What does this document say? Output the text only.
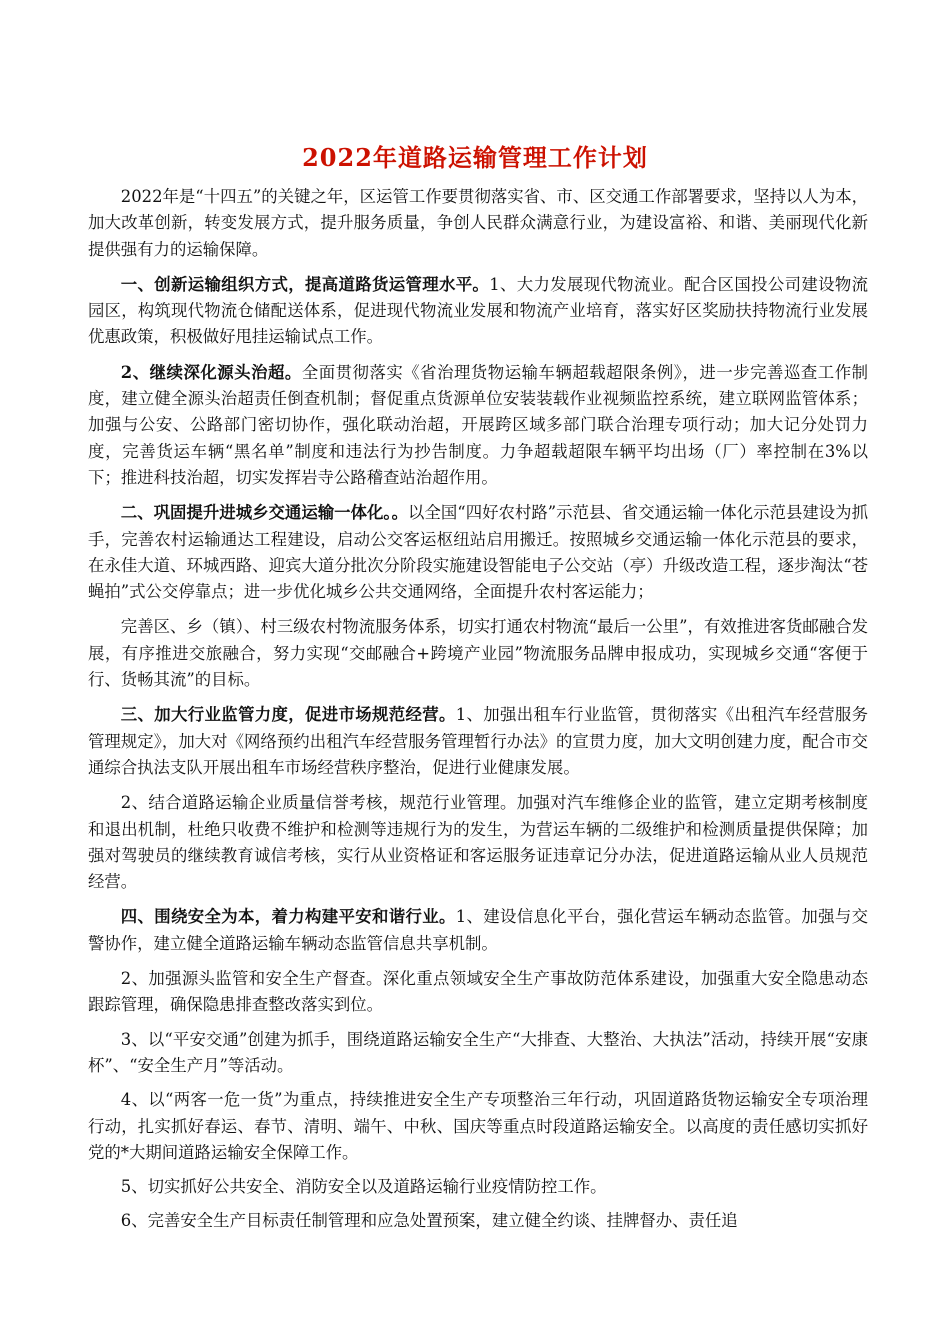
2022年道路运输管理工作计划

2022年是“十四五”的关键之年，区运管工作要贯彻落实省、市、区交通工作部署要求，坚持以人为本，加大改革创新，转变发展方式，提升服务质量，争创人民群众满意行业，为建设富裕、和谐、美丽现代化新提供强有力的运输保障。

一、创新运输组织方式，提高道路货运管理水平。1、大力发展现代物流业。配合区国投公司建设物流园区，构筑现代物流仓储配送体系，促进现代物流业发展和物流产业培育，落实好区奖励扶持物流行业发展优惠政策，积极做好甩挂运输试点工作。

2、继续深化源头治超。全面贯彻落实《省治理货物运输车辆超载超限条例》，进一步完善巡查工作制度，建立健全源头治超责任倒查机制；督促重点货源单位安装装载作业视频监控系统，建立联网监管体系；加强与公安、公路部门密切协作，强化联动治超，开展跨区域多部门联合治理专项行动；加大记分处罚力度，完善货运车辆“黑名单”制度和违法行为抄告制度。力争超载超限车辆平均出场（厂）率控制在3%以下；推进科技治超，切实发挥岩寺公路稽查站治超作用。

二、巩固提升进城乡交通运输一体化。。以全国“四好农村路”示范县、省交通运输一体化示范县建设为抓手，完善农村运输通达工程建设，启动公交客运枢纽站启用搬迁。按照城乡交通运输一体化示范县的要求，在永佳大道、环城西路、迎宾大道分批次分阶段实施建设智能电子公交站（亭）升级改造工程，逐步淘汰“苍蝇拍”式公交停靠点；进一步优化城乡公共交通网络，全面提升农村客运能力；

完善区、乡（镇）、村三级农村物流服务体系，切实打通农村物流“最后一公里”，有效推进客货邮融合发展，有序推进交旅融合，努力实现“交邮融合+跨境产业园”物流服务品牌申报成功，实现城乡交通“客便于行、货畅其流”的目标。

三、加大行业监管力度，促进市场规范经营。1、加强出租车行业监管，贯彻落实《出租汽车经营服务管理规定》，加大对《网络预约出租汽车经营服务管理暂行办法》的宣贯力度，加大文明创建力度，配合市交通综合执法支队开展出租车市场经营秩序整治，促进行业健康发展。

2、结合道路运输企业质量信誉考核，规范行业管理。加强对汽车维修企业的监管，建立定期考核制度和退出机制，杜绝只收费不维护和检测等违规行为的发生，为营运车辆的二级维护和检测质量提供保障；加强对驾驶员的继续教育诚信考核，实行从业资格证和客运服务证违章记分办法，促进道路运输从业人员规范经营。

四、围绕安全为本，着力构建平安和谐行业。1、建设信息化平台，强化营运车辆动态监管。加强与交警协作，建立健全道路运输车辆动态监管信息共享机制。

2、加强源头监管和安全生产督查。深化重点领域安全生产事故防范体系建设，加强重大安全隐患动态跟踪管理，确保隐患排查整改落实到位。

3、以“平安交通”创建为抓手，围绕道路运输安全生产“大排查、大整治、大执法”活动，持续开展“安康杯”、“安全生产月”等活动。

4、以“两客一危一货”为重点，持续推进安全生产专项整治三年行动，巩固道路货物运输安全专项治理行动，扎实抓好春运、春节、清明、端午、中秋、国庆等重点时段道路运输安全。以高度的责任感切实抓好党的*大期间道路运输安全保障工作。

5、切实抓好公共安全、消防安全以及道路运输行业疫情防控工作。

6、完善安全生产目标责任制管理和应急处置预案，建立健全约谈、挂牌督办、责任追
